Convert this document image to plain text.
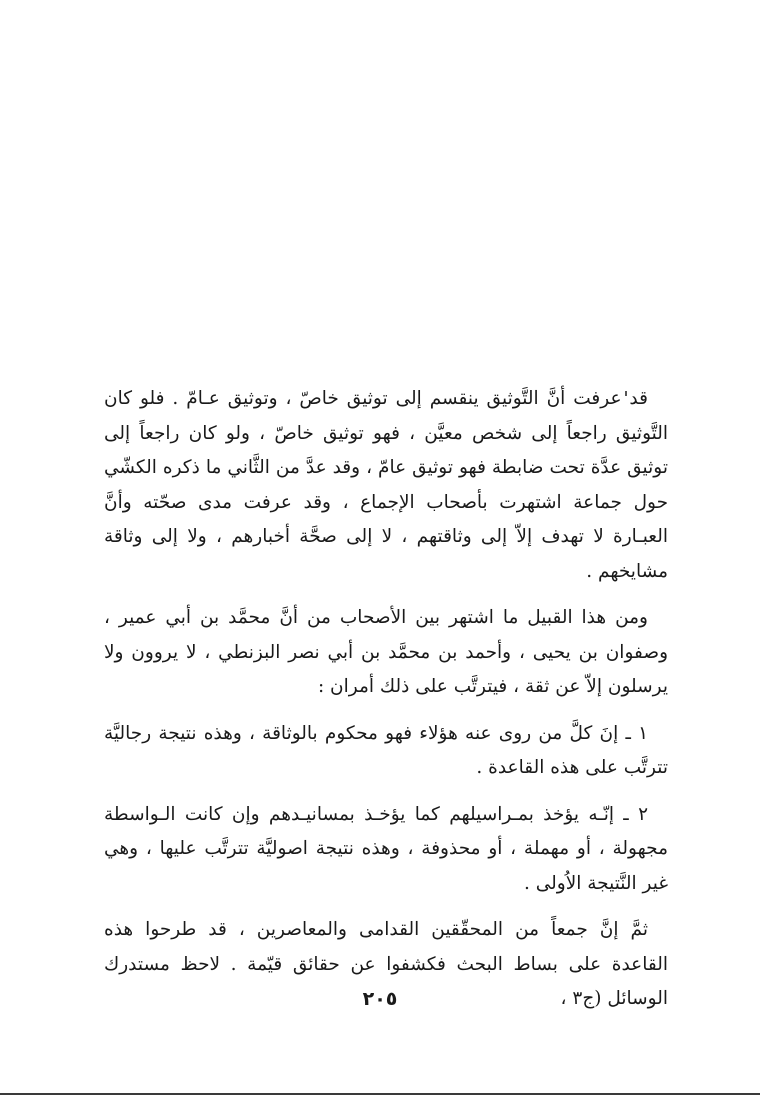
قد عرفت أنَّ التَّوثيق ينقسم إلى توثيق خاصّ ، وتوثيق عـامّ . فلو كان التَّوثيق راجعاً إلى شخص معيَّن ، فهو توثيق خاصّ ، ولو كان راجعاً إلى توثيق عدَّة تحت ضابطة فهو توثيق عامّ ، وقد عدَّ من الثَّاني ما ذكره الكشّي حول جماعة اشتهرت بأصحاب الإجماع ، وقد عرفت مدى صحّته وأنَّ العبـارة لا تهدف إلاّ إلى وثاقتهم ، لا إلى صحَّة أخبارهم ، ولا إلى وثاقة مشايخهم .

ومن هذا القبيل ما اشتهر بين الأصحاب من أنَّ محمَّد بن أبي عمير ، وصفوان بن يحيى ، وأحمد بن محمَّد بن أبي نصر البزنطي ، لا يروون ولا يرسلون إلاّ عن ثقة ، فيترتَّب على ذلك أمران :

١ ـ إنَ كلَّ من روى عنه هؤلاء فهو محكوم بالوثاقة ، وهذه نتيجة رجاليَّة تترتَّب على هذه القاعدة .

٢ ـ إنّـه يؤخذ بمـراسيلهم كما يؤخـذ بمسانيـدهم وإن كانت الـواسطة مجهولة ، أو مهملة ، أو محذوفة ، وهذه نتيجة اصوليَّة تترتَّب عليها ، وهي غير النَّتيجة الاُولى .

ثمَّ إنَّ جمعاً من المحقّقين القدامى والمعاصرين ، قد طرحوا هذه القاعدة على بساط البحث فكشفوا عن حقائق قيّمة . لاحظ مستدرك الوسائل (ج٣ ،

٢٠٥
